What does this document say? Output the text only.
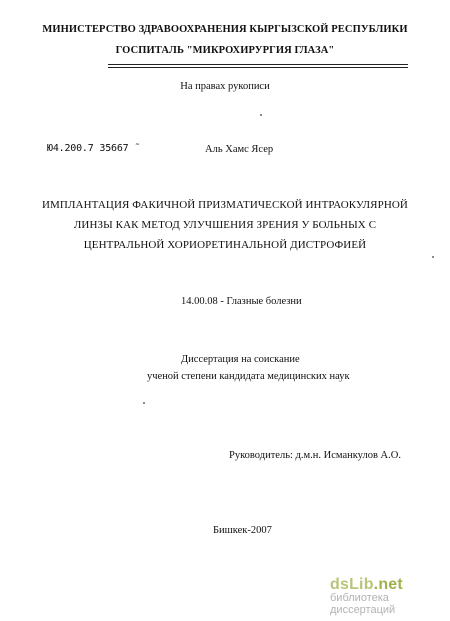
МИНИСТЕРСТВО ЗДРАВООХРАНЕНИЯ КЫРГЫЗСКОЙ РЕСПУБЛИКИ
ГОСПИТАЛЬ "МИКРОХИРУРГИЯ ГЛАЗА"
На правах рукописи
Ю4.200.7 35667 ˜	Аль Хамс Ясер
ИМПЛАНТАЦИЯ ФАКИЧНОЙ ПРИЗМАТИЧЕСКОЙ ИНТРАОКУЛЯРНОЙ
ЛИНЗЫ КАК МЕТОД УЛУЧШЕНИЯ ЗРЕНИЯ У БОЛЬНЫХ С
ЦЕНТРАЛЬНОЙ ХОРИОРЕТИНАЛЬНОЙ ДИСТРОФИЕЙ
14.00.08 - Глазные болезни
Диссертация на соискание
ученой степени кандидата медицинских наук
Руководитель: д.м.н. Исманкулов А.О.
Бишкек-2007
dsLib.net
библиотека диссертаций
